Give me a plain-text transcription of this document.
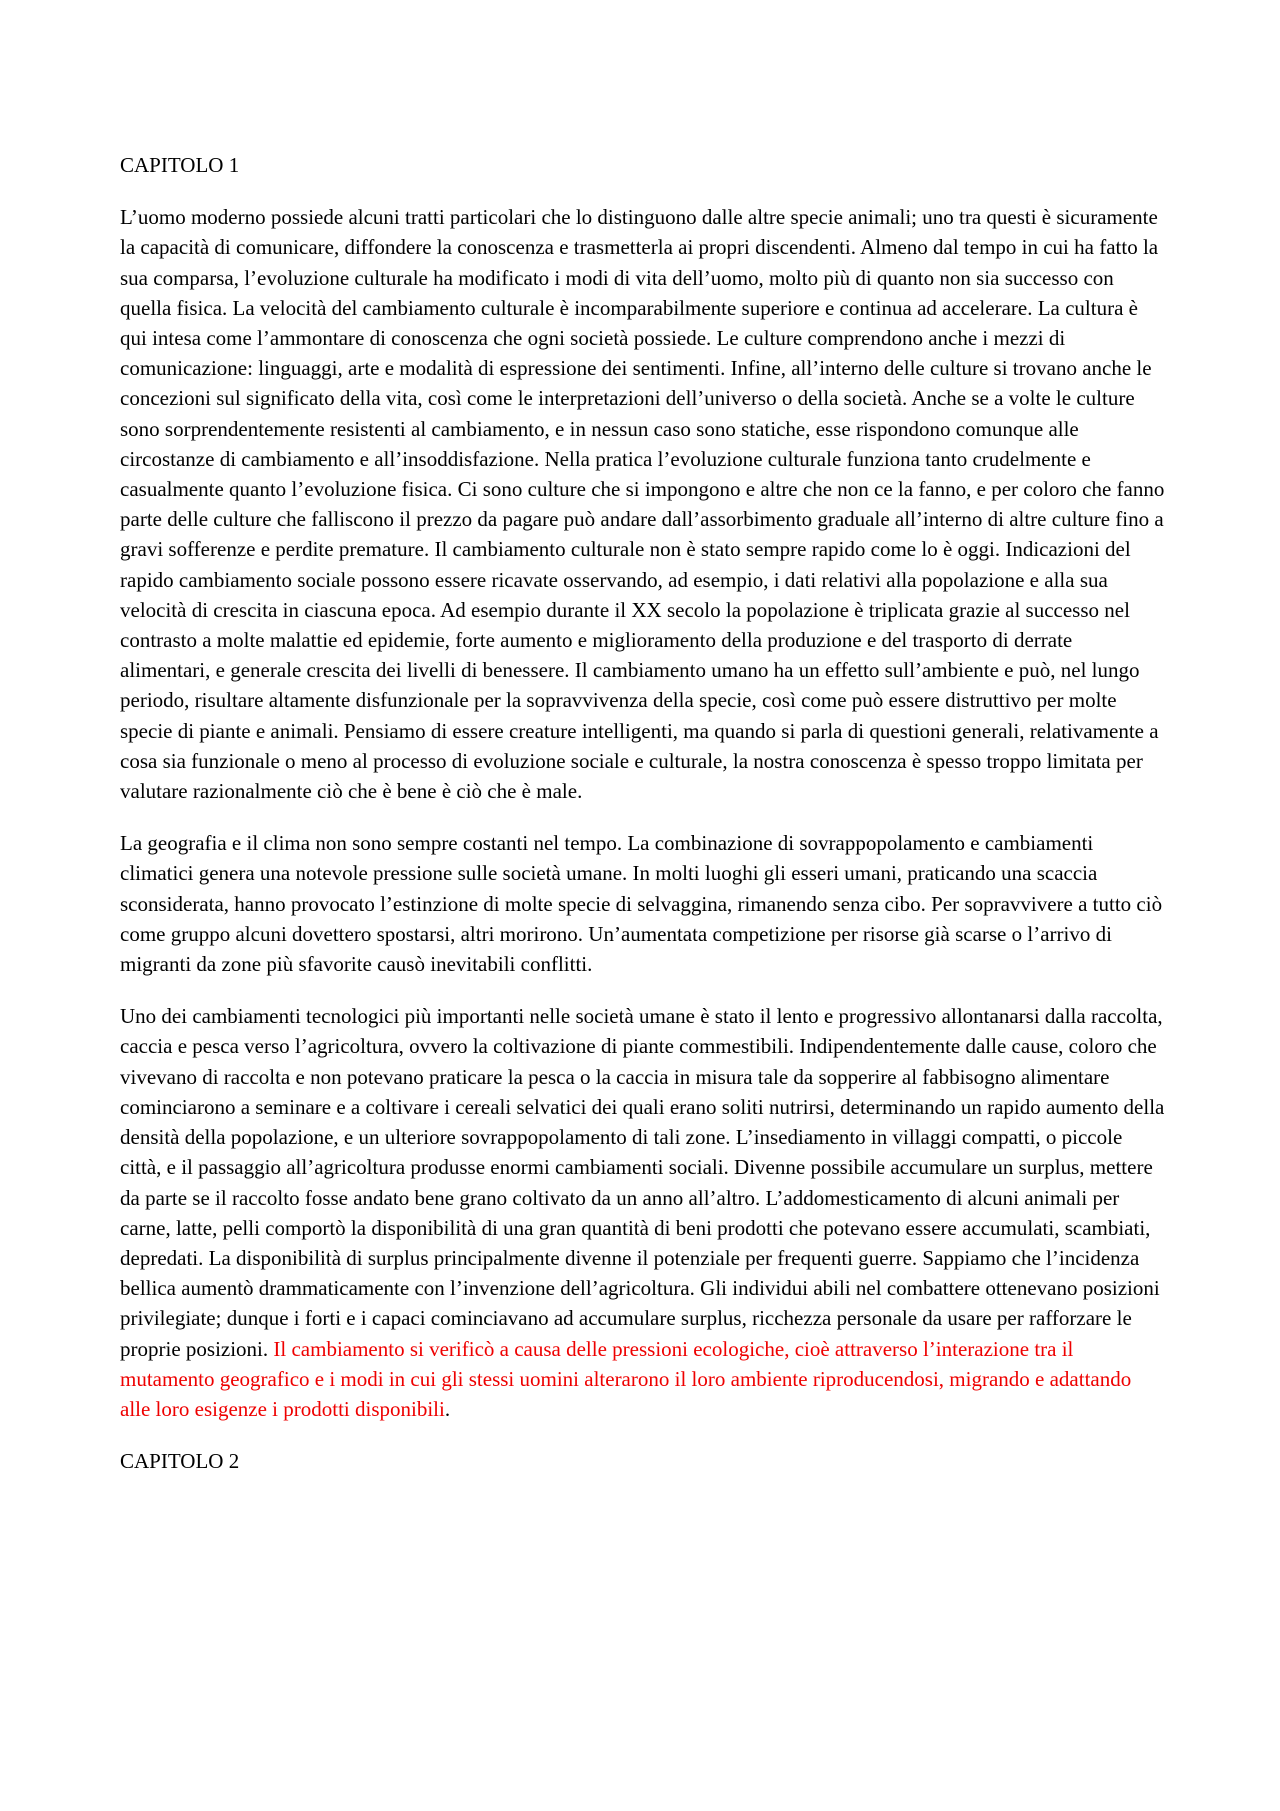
CAPITOLO 1

L’uomo moderno possiede alcuni tratti particolari che lo distinguono dalle altre specie animali; uno tra questi è sicuramente la capacità di comunicare, diffondere la conoscenza e trasmetterla ai propri discendenti. Almeno dal tempo in cui ha fatto la sua comparsa, l’evoluzione culturale ha modificato i modi di vita dell’uomo, molto più di quanto non sia successo con quella fisica. La velocità del cambiamento culturale è incomparabilmente superiore e continua ad accelerare. La cultura è qui intesa come l’ammontare di conoscenza che ogni società possiede. Le culture comprendono anche i mezzi di comunicazione: linguaggi, arte e modalità di espressione dei sentimenti. Infine, all’interno delle culture si trovano anche le concezioni sul significato della vita, così come le interpretazioni dell’universo o della società. Anche se a volte le culture sono sorprendentemente resistenti al cambiamento, e in nessun caso sono statiche, esse rispondono comunque alle circostanze di cambiamento e all’insoddisfazione. Nella pratica l’evoluzione culturale funziona tanto crudelmente e casualmente quanto l’evoluzione fisica. Ci sono culture che si impongono e altre che non ce la fanno, e per coloro che fanno parte delle culture che falliscono il prezzo da pagare può andare dall’assorbimento graduale all’interno di altre culture fino a gravi sofferenze e perdite premature. Il cambiamento culturale non è stato sempre rapido come lo è oggi. Indicazioni del rapido cambiamento sociale possono essere ricavate osservando, ad esempio, i dati relativi alla popolazione e alla sua velocità di crescita in ciascuna epoca. Ad esempio durante il XX secolo la popolazione è triplicata grazie al successo nel contrasto a molte malattie ed epidemie, forte aumento e miglioramento della produzione e del trasporto di derrate alimentari, e generale crescita dei livelli di benessere. Il cambiamento umano ha un effetto sull’ambiente e può, nel lungo periodo, risultare altamente disfunzionale per la sopravvivenza della specie, così come può essere distruttivo per molte specie di piante e animali. Pensiamo di essere creature intelligenti, ma quando si parla di questioni generali, relativamente a cosa sia funzionale o meno al processo di evoluzione sociale e culturale, la nostra conoscenza è spesso troppo limitata per valutare razionalmente ciò che è bene è ciò che è male.

La geografia e il clima non sono sempre costanti nel tempo. La combinazione di sovrappopolamento e cambiamenti climatici genera una notevole pressione sulle società umane. In molti luoghi gli esseri umani, praticando una scaccia sconsiderata, hanno provocato l’estinzione di molte specie di selvaggina, rimanendo senza cibo. Per sopravvivere a tutto ciò come gruppo alcuni dovettero spostarsi, altri morirono. Un’aumentata competizione per risorse già scarse o l’arrivo di migranti da zone più sfavorite causò inevitabili conflitti.

Uno dei cambiamenti tecnologici più importanti nelle società umane è stato il lento e progressivo allontanarsi dalla raccolta, caccia e pesca verso l’agricoltura, ovvero la coltivazione di piante commestibili. Indipendentemente dalle cause, coloro che vivevano di raccolta e non potevano praticare la pesca o la caccia in misura tale da sopperire al fabbisogno alimentare cominciarono a seminare e a coltivare i cereali selvatici dei quali erano soliti nutrirsi, determinando un rapido aumento della densità della popolazione, e un ulteriore sovrappopolamento di tali zone. L’insediamento in villaggi compatti, o piccole città, e il passaggio all’agricoltura produsse enormi cambiamenti sociali. Divenne possibile accumulare un surplus, mettere da parte se il raccolto fosse andato bene grano coltivato da un anno all’altro. L’addomesticamento di alcuni animali per carne, latte, pelli comportò la disponibilità di una gran quantità di beni prodotti che potevano essere accumulati, scambiati, depredati. La disponibilità di surplus principalmente divenne il potenziale per frequenti guerre. Sappiamo che l’incidenza bellica aumentò drammaticamente con l’invenzione dell’agricoltura. Gli individui abili nel combattere ottenevano posizioni privilegiate; dunque i forti e i capaci cominciavano ad accumulare surplus, ricchezza personale da usare per rafforzare le proprie posizioni. Il cambiamento si verificò a causa delle pressioni ecologiche, cioè attraverso l’interazione tra il mutamento geografico e i modi in cui gli stessi uomini alterarono il loro ambiente riproducendosi, migrando e adattando alle loro esigenze i prodotti disponibili.

CAPITOLO 2
